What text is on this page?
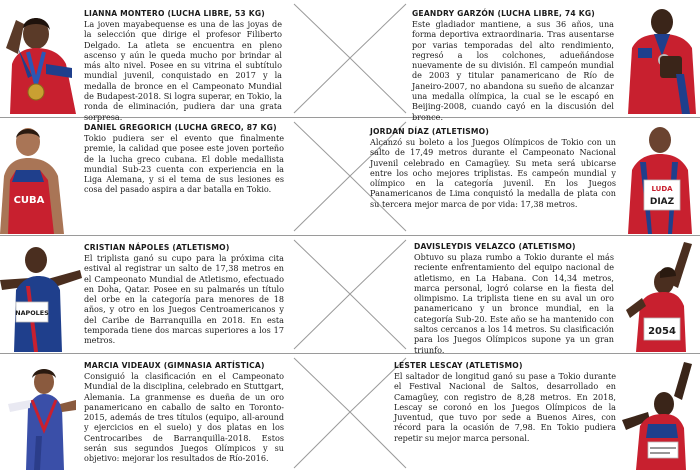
LIANNA MONTERO (LUCHA LIBRE, 53 KG)
La joven mayabequense es una de las joyas de la selección que dirige el profesor Filiberto Delgado. La atleta se encuentra en pleno ascenso y aún le queda mucho por brindar al más alto nivel. Posee en su vitrina el subtítulo mundial juvenil, conquistado en 2017 y la medalla de bronce en el Campeonato Mundial de Budapest-2018. Si logra superar, en Tokio, la ronda de eliminación, pudiera dar una grata sorpresa.
GEANDRY GARZÓN (LUCHA LIBRE, 74 KG)
Este gladiador mantiene, a sus 36 años, una forma deportiva extraordinaria. Tras ausentarse por varias temporadas del alto rendimiento, regresó a los colchones, adueñándose nuevamente de su división. El campeón mundial de 2003 y titular panamericano de Río de Janeiro-2007, no abandona su sueño de alcanzar una medalla olímpica, la cual se le escapó en Beijing-2008, cuando cayó en la discusión del bronce.
CUBA
DANIEL GREGORICH (LUCHA GRECO, 87 KG)
Tokio pudiera ser el evento que finalmente premie, la calidad que posee este joven porteño de la lucha greco cubana. El doble medallista mundial Sub-23 cuenta con experiencia en la Liga Alemana, y si el tema de sus lesiones es cosa del pasado aspira a dar batalla en Tokio.
JORDAN DÍAZ (ATLETISMO)
Alcanzó su boleto a los Juegos Olímpicos de Tokio con un salto de 17,49 metros durante el Campeonato Nacional Juvenil celebrado en Camagüey. Su meta será ubicarse entre los ocho mejores triplistas. Es campeón mundial y olímpico en la categoría juvenil. En los Juegos Panamericanos de Lima conquistó la medalla de plata con su tercera mejor marca de por vida: 17,38 metros.
LUDA
DIAZ
NAPOLES
CRISTIAN NÁPOLES (ATLETISMO)
El triplista ganó su cupo para la próxima cita estival al registrar un salto de 17,38 metros en el Campeonato Mundial de Atletismo, efectuado en Doha, Qatar. Posee en su palmarés un título del orbe en la categoría para menores de 18 años, y otro en los Juegos Centroamericanos y del Caribe de Barranquilla en 2018. En esta temporada tiene dos marcas superiores a los 17 metros.
DAVISLEYDIS VELAZCO (ATLETISMO)
Obtuvo su plaza rumbo a Tokio durante el más reciente enfrentamiento del equipo nacional de atletismo, en La Habana. Con 14,34 metros, marca personal, logró colarse en la fiesta del olimpismo. La triplista tiene en su aval un oro panamericano y un bronce mundial, en la categoría Sub-20. Este año se ha mantenido con saltos cercanos a los 14 metros. Su clasificación para los Juegos Olímpicos supone ya un gran triunfo.
2054
MARCIA VIDEAUX (GIMNASIA ARTÍSTICA)
Consiguió la clasificación en el Campeonato Mundial de la disciplina, celebrado en Stuttgart, Alemania. La granmense es dueña de un oro panamericano en caballo de salto en Toronto-2015, además de tres títulos (equipo, all-around y ejercicios en el suelo) y dos platas en los Centrocaribes de Barranquilla-2018. Estos serán sus segundos Juegos Olímpicos y su objetivo: mejorar los resultados de Río-2016.
LESTER LESCAY (ATLETISMO)
El saltador de longitud ganó su pase a Tokio durante el Festival Nacional de Saltos, desarrollado en Camagüey, con registro de 8,28 metros. En 2018, Lescay se coronó en los Juegos Olímpicos de la Juventud, que tuvo por sede a Buenos Aires, con récord para la ocasión de 7,98. En Tokio pudiera repetir su mejor marca personal.
